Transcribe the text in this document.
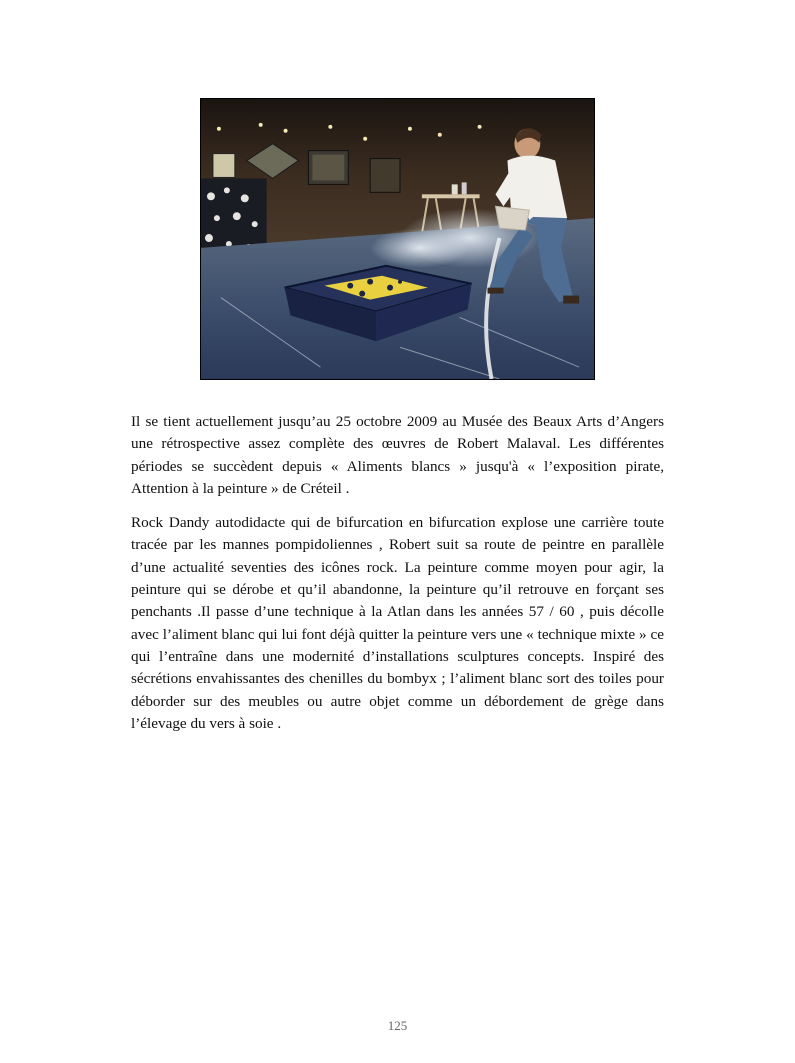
Il se tient actuellement jusqu’au 25 octobre 2009 au Musée des Beaux Arts d’Angers une rétrospective assez complète des œuvres de Robert Malaval. Les différentes périodes se succèdent depuis « Aliments blancs » jusqu'à « l’exposition pirate, Attention à la peinture » de Créteil .

Rock Dandy autodidacte qui de bifurcation en bifurcation explose une carrière toute tracée par les mannes pompidoliennes , Robert suit sa route de peintre en parallèle d’une actualité seventies des icônes rock. La peinture comme moyen pour agir, la peinture qui se dérobe et qu’il abandonne, la peinture qu’il retrouve en forçant ses penchants .Il passe d’une technique à la Atlan dans les années 57 / 60 , puis décolle avec l’aliment blanc qui lui font déjà quitter la peinture vers une « technique mixte » ce qui l’entraîne dans une modernité d’installations sculptures concepts. Inspiré des sécrétions envahissantes des chenilles du bombyx ; l’aliment blanc sort des toiles pour déborder sur des meubles ou autre objet comme un débordement de grège dans l’élevage du vers à soie .

125
